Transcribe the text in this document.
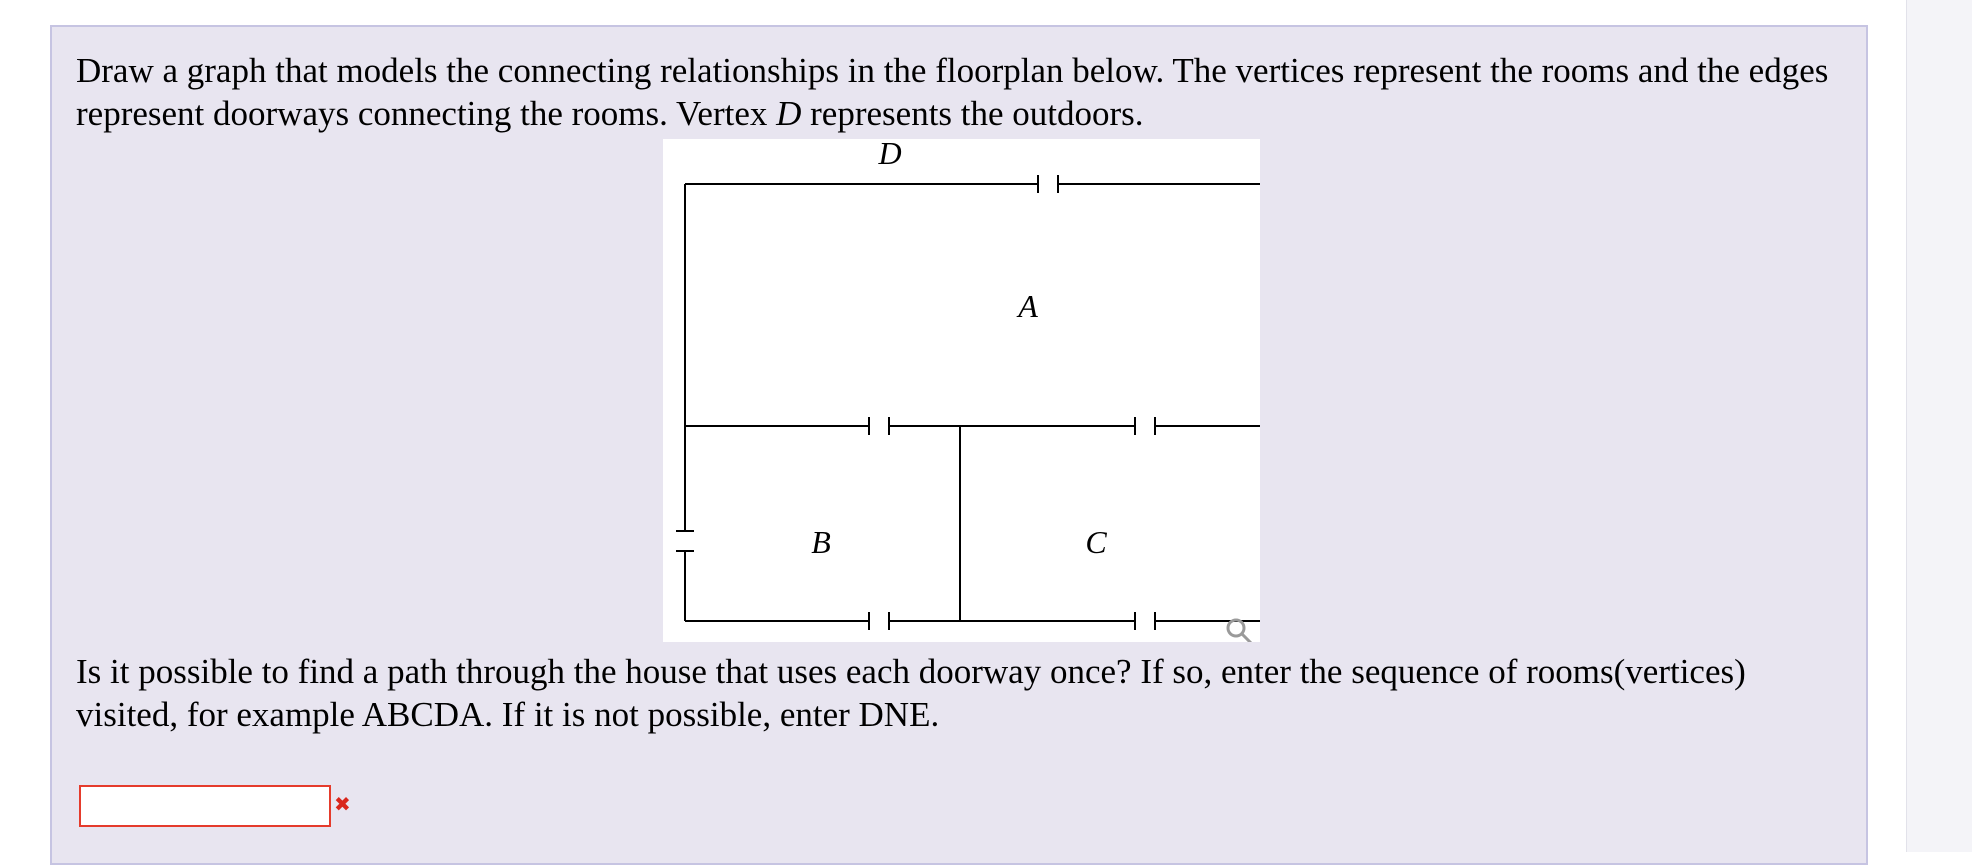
Draw a graph that models the connecting relationships in the floorplan below. The vertices represent the rooms and the edges represent doorways connecting the rooms. Vertex D represents the outdoors.

D
A
B	C

Is it possible to find a path through the house that uses each doorway once? If so, enter the sequence of rooms(vertices) visited, for example ABCDA. If it is not possible, enter DNE.

✖
